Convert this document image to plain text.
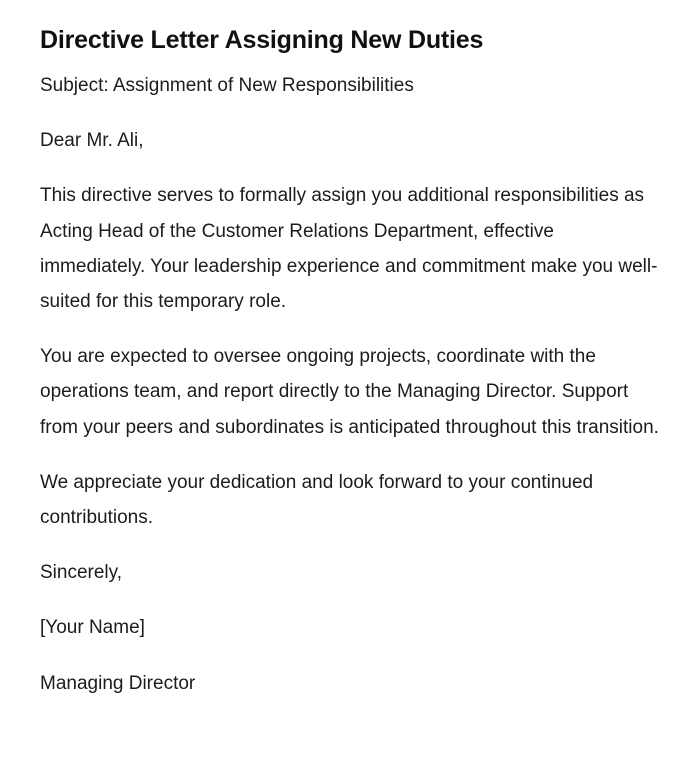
Directive Letter Assigning New Duties

Subject: Assignment of New Responsibilities

Dear Mr. Ali,

This directive serves to formally assign you additional responsibilities as Acting Head of the Customer Relations Department, effective immediately. Your leadership experience and commitment make you well-suited for this temporary role.

You are expected to oversee ongoing projects, coordinate with the operations team, and report directly to the Managing Director. Support from your peers and subordinates is anticipated throughout this transition.

We appreciate your dedication and look forward to your continued contributions.

Sincerely,

[Your Name]

Managing Director
